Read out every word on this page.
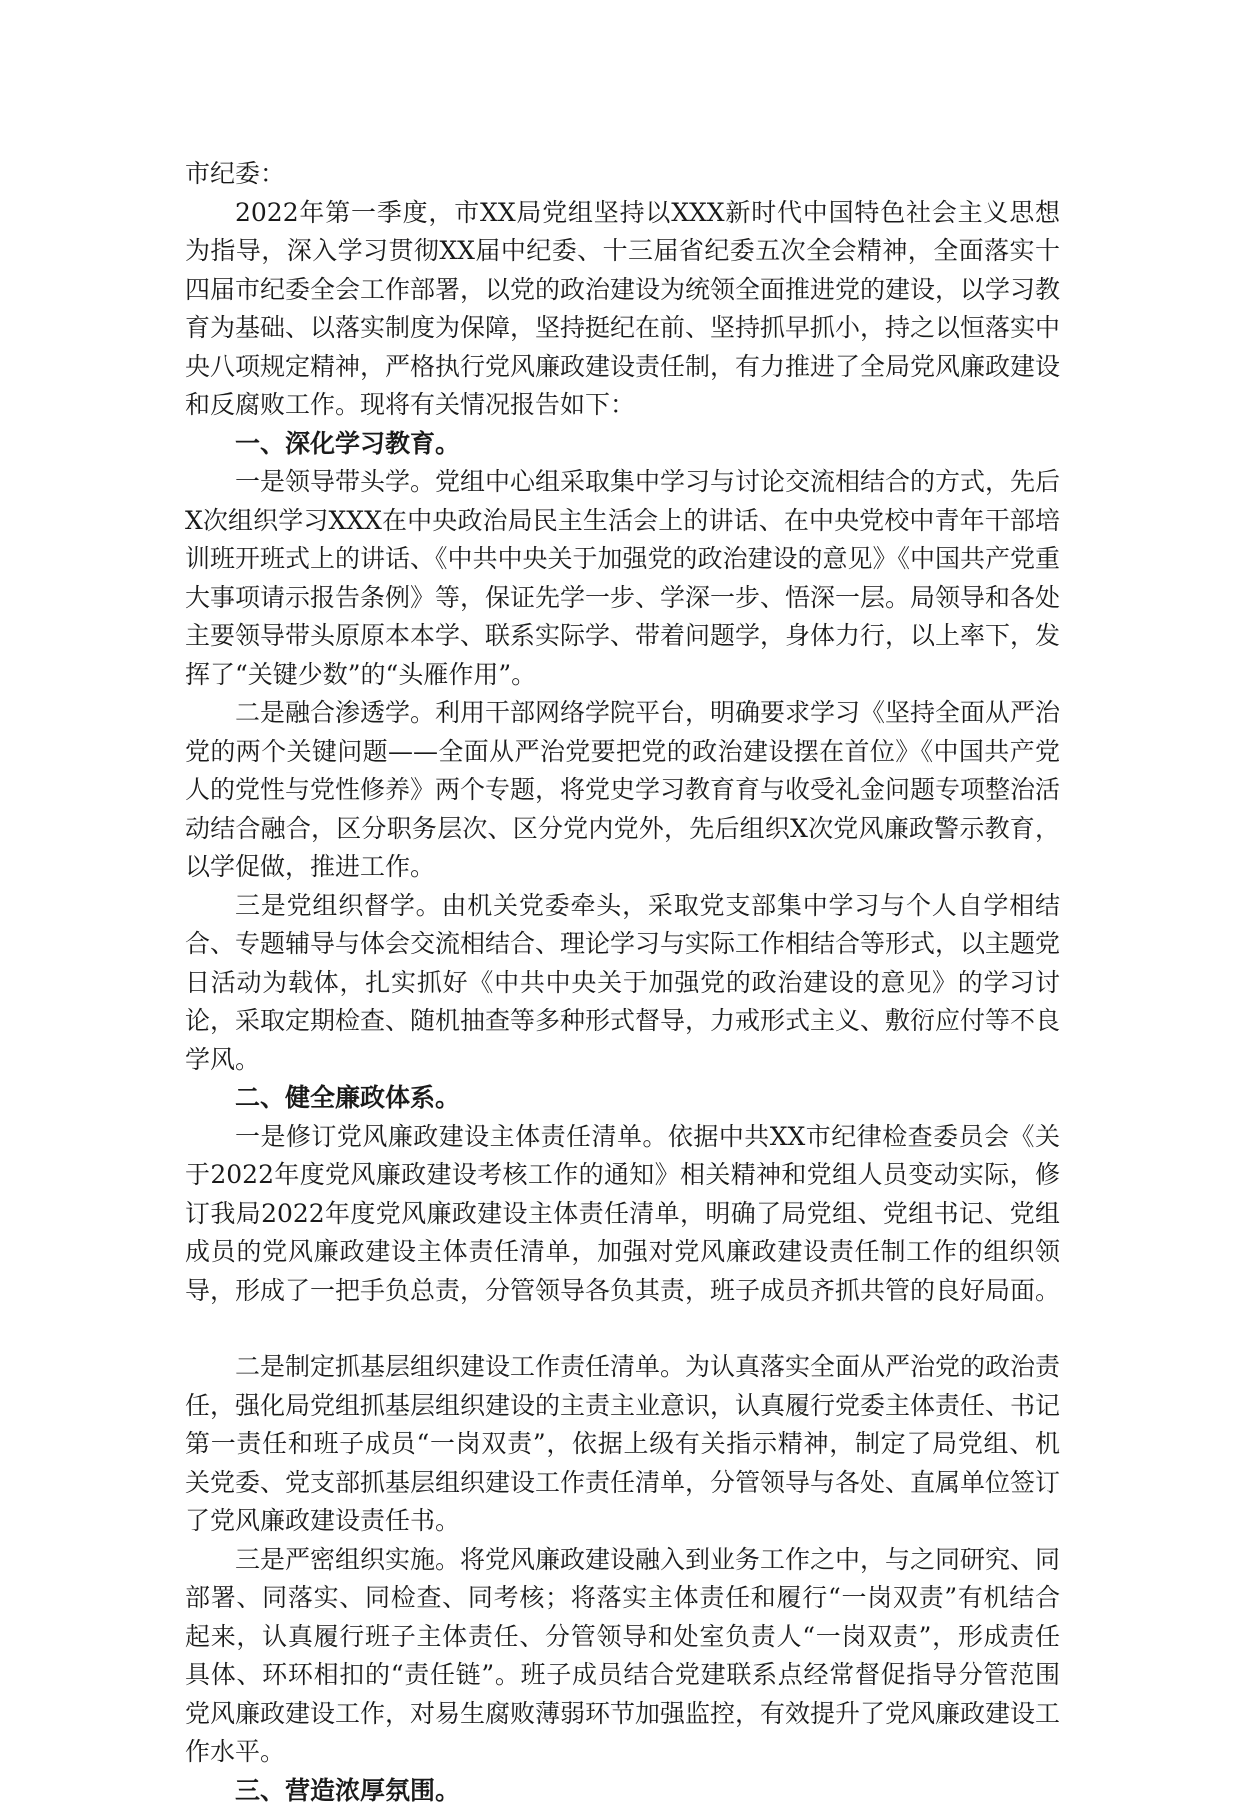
市纪委：

2022年第一季度，市XX局党组坚持以XXX新时代中国特色社会主义思想为指导，深入学习贯彻XX届中纪委、十三届省纪委五次全会精神，全面落实十四届市纪委全会工作部署，以党的政治建设为统领全面推进党的建设，以学习教育为基础、以落实制度为保障，坚持挺纪在前、坚持抓早抓小，持之以恒落实中央八项规定精神，严格执行党风廉政建设责任制，有力推进了全局党风廉政建设和反腐败工作。现将有关情况报告如下：

一、深化学习教育。

一是领导带头学。党组中心组采取集中学习与讨论交流相结合的方式，先后X次组织学习XXX在中央政治局民主生活会上的讲话、在中央党校中青年干部培训班开班式上的讲话、《中共中央关于加强党的政治建设的意见》《中国共产党重大事项请示报告条例》等，保证先学一步、学深一步、悟深一层。局领导和各处主要领导带头原原本本学、联系实际学、带着问题学，身体力行，以上率下，发挥了“关键少数”的“头雁作用”。

二是融合渗透学。利用干部网络学院平台，明确要求学习《坚持全面从严治党的两个关键问题——全面从严治党要把党的政治建设摆在首位》《中国共产党人的党性与党性修养》两个专题，将党史学习教育育与收受礼金问题专项整治活动结合融合，区分职务层次、区分党内党外，先后组织X次党风廉政警示教育，以学促做，推进工作。

三是党组织督学。由机关党委牵头，采取党支部集中学习与个人自学相结合、专题辅导与体会交流相结合、理论学习与实际工作相结合等形式，以主题党日活动为载体，扎实抓好《中共中央关于加强党的政治建设的意见》的学习讨论，采取定期检查、随机抽查等多种形式督导，力戒形式主义、敷衍应付等不良学风。

二、健全廉政体系。

一是修订党风廉政建设主体责任清单。依据中共XX市纪律检查委员会《关于2022年度党风廉政建设考核工作的通知》相关精神和党组人员变动实际，修订我局2022年度党风廉政建设主体责任清单，明确了局党组、党组书记、党组成员的党风廉政建设主体责任清单，加强对党风廉政建设责任制工作的组织领导，形成了一把手负总责，分管领导各负其责，班子成员齐抓共管的良好局面。

二是制定抓基层组织建设工作责任清单。为认真落实全面从严治党的政治责任，强化局党组抓基层组织建设的主责主业意识，认真履行党委主体责任、书记第一责任和班子成员“一岗双责”，依据上级有关指示精神，制定了局党组、机关党委、党支部抓基层组织建设工作责任清单，分管领导与各处、直属单位签订了党风廉政建设责任书。

三是严密组织实施。将党风廉政建设融入到业务工作之中，与之同研究、同部署、同落实、同检查、同考核；将落实主体责任和履行“一岗双责”有机结合起来，认真履行班子主体责任、分管领导和处室负责人“一岗双责”，形成责任具体、环环相扣的“责任链”。班子成员结合党建联系点经常督促指导分管范围党风廉政建设工作，对易生腐败薄弱环节加强监控，有效提升了党风廉政建设工作水平。

三、营造浓厚氛围。
